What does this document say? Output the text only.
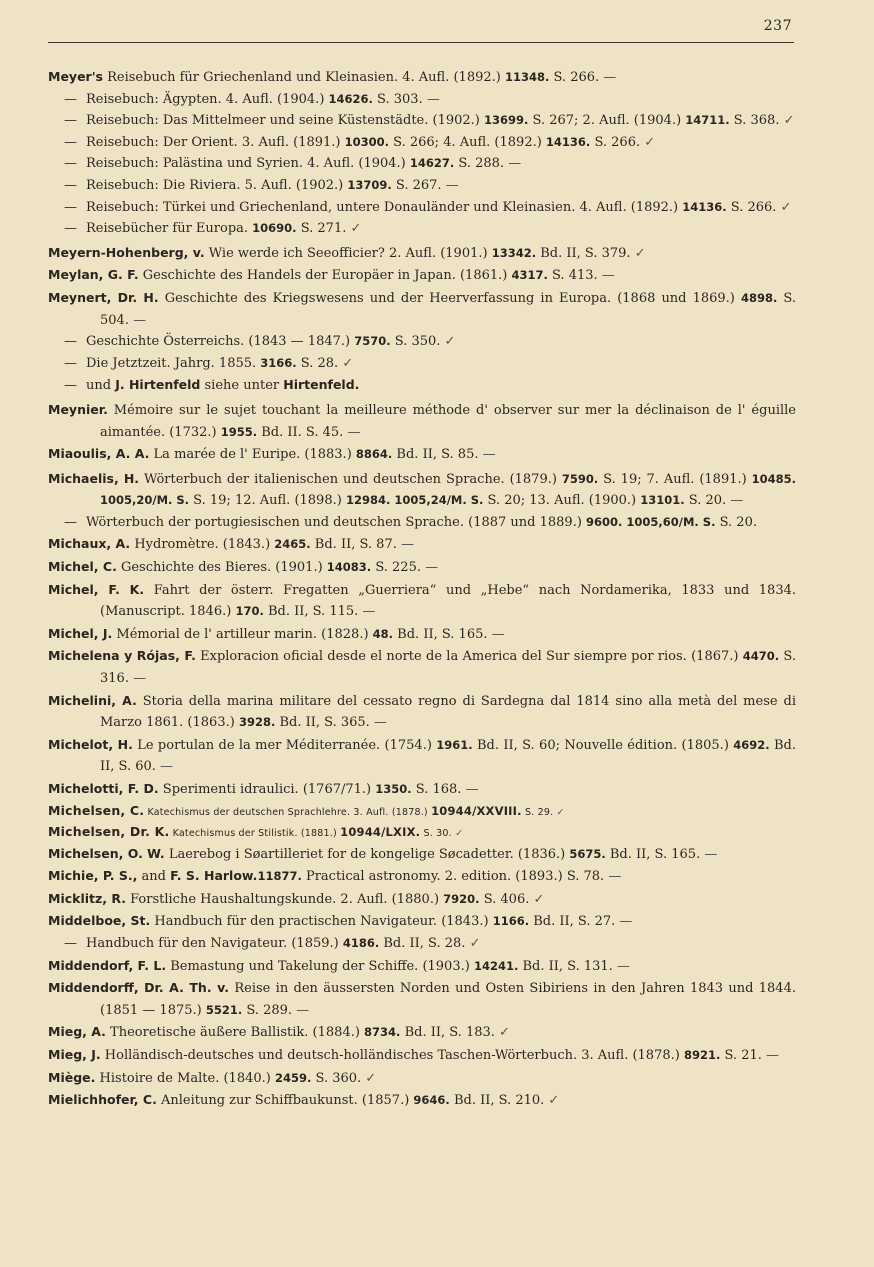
237

Meyer's Reisebuch für Griechenland und Kleinasien. 4. Aufl. (1892.) 11348. S. 266. —

— Reisebuch: Ägypten. 4. Aufl. (1904.) 14626. S. 303. —

— Reisebuch: Das Mittelmeer und seine Küstenstädte. (1902.) 13699. S. 267; 2. Aufl. (1904.) 14711. S. 368. ✓

— Reisebuch: Der Orient. 3. Aufl. (1891.) 10300. S. 266; 4. Aufl. (1892.) 14136. S. 266. ✓

— Reisebuch: Palästina und Syrien. 4. Aufl. (1904.) 14627. S. 288. —

— Reisebuch: Die Riviera. 5. Aufl. (1902.) 13709. S. 267. —

— Reisebuch: Türkei und Griechenland, untere Donauländer und Kleinasien. 4. Aufl. (1892.) 14136. S. 266. ✓

— Reisebücher für Europa. 10690. S. 271. ✓

Meyern-Hohenberg, v. Wie werde ich Seeofficier? 2. Aufl. (1901.) 13342. Bd. II, S. 379. ✓

Meylan, G. F. Geschichte des Handels der Europäer in Japan. (1861.) 4317. S. 413. —

Meynert, Dr. H. Geschichte des Kriegswesens und der Heerverfassung in Europa. (1868 und 1869.) 4898. S. 504. —

— Geschichte Österreichs. (1843 — 1847.) 7570. S. 350. ✓

— Die Jetztzeit. Jahrg. 1855. 3166. S. 28. ✓

— und J. Hirtenfeld siehe unter Hirtenfeld.

Meynier. Mémoire sur le sujet touchant la meilleure méthode d' observer sur mer la déclinaison de l' éguille aimantée. (1732.) 1955. Bd. II. S. 45. —

Miaoulis, A. A. La marée de l' Euripe. (1883.) 8864. Bd. II, S. 85. —

Michaelis, H. Wörterbuch der italienischen und deutschen Sprache. (1879.) 7590. S. 19; 7. Aufl. (1891.) 10485. 1005,20/M. S. S. 19; 12. Aufl. (1898.) 12984. 1005,24/M. S. S. 20; 13. Aufl. (1900.) 13101. S. 20. —

— Wörterbuch der portugiesischen und deutschen Sprache. (1887 und 1889.) 9600. 1005,60/M. S. S. 20.

Michaux, A. Hydromètre. (1843.) 2465. Bd. II, S. 87. —

Michel, C. Geschichte des Bieres. (1901.) 14083. S. 225. —

Michel, F. K. Fahrt der österr. Fregatten „Guerriera“ und „Hebe“ nach Nordamerika, 1833 und 1834. (Manuscript. 1846.) 170. Bd. II, S. 115. —

Michel, J. Mémorial de l' artilleur marin. (1828.) 48. Bd. II, S. 165. —

Michelena y Rójas, F. Exploracion oficial desde el norte de la America del Sur siempre por rios. (1867.) 4470. S. 316. —

Michelini, A. Storia della marina militare del cessato regno di Sardegna dal 1814 sino alla metà del mese di Marzo 1861. (1863.) 3928. Bd. II, S. 365. —

Michelot, H. Le portulan de la mer Méditerranée. (1754.) 1961. Bd. II, S. 60; Nouvelle édition. (1805.) 4692. Bd. II, S. 60. —

Michelotti, F. D. Sperimenti idraulici. (1767/71.) 1350. S. 168. —

Michelsen, C. Katechismus der deutschen Sprachlehre. 3. Aufl. (1878.) 10944/XXVIII. S. 29. ✓

Michelsen, Dr. K. Katechismus der Stilistik. (1881.) 10944/LXIX. S. 30. ✓

Michelsen, O. W. Laerebog i Søartilleriet for de kongelige Søcadetter. (1836.) 5675. Bd. II, S. 165. —

Michie, P. S., and F. S. Harlow.11877. Practical astronomy. 2. edition. (1893.) S. 78. —

Micklitz, R. Forstliche Haushaltungskunde. 2. Aufl. (1880.) 7920. S. 406. ✓

Middelboe, St. Handbuch für den practischen Navigateur. (1843.) 1166. Bd. II, S. 27. —

— Handbuch für den Navigateur. (1859.) 4186. Bd. II, S. 28. ✓

Middendorf, F. L. Bemastung und Takelung der Schiffe. (1903.) 14241. Bd. II, S. 131. —

Middendorff, Dr. A. Th. v. Reise in den äussersten Norden und Osten Sibiriens in den Jahren 1843 und 1844. (1851 — 1875.) 5521. S. 289. —

Mieg, A. Theoretische äußere Ballistik. (1884.) 8734. Bd. II, S. 183. ✓

Mieg, J. Holländisch-deutsches und deutsch-holländisches Taschen-Wörterbuch. 3. Aufl. (1878.) 8921. S. 21. —

Miège. Histoire de Malte. (1840.) 2459. S. 360. ✓

Mielichhofer, C. Anleitung zur Schiffbaukunst. (1857.) 9646. Bd. II, S. 210. ✓
